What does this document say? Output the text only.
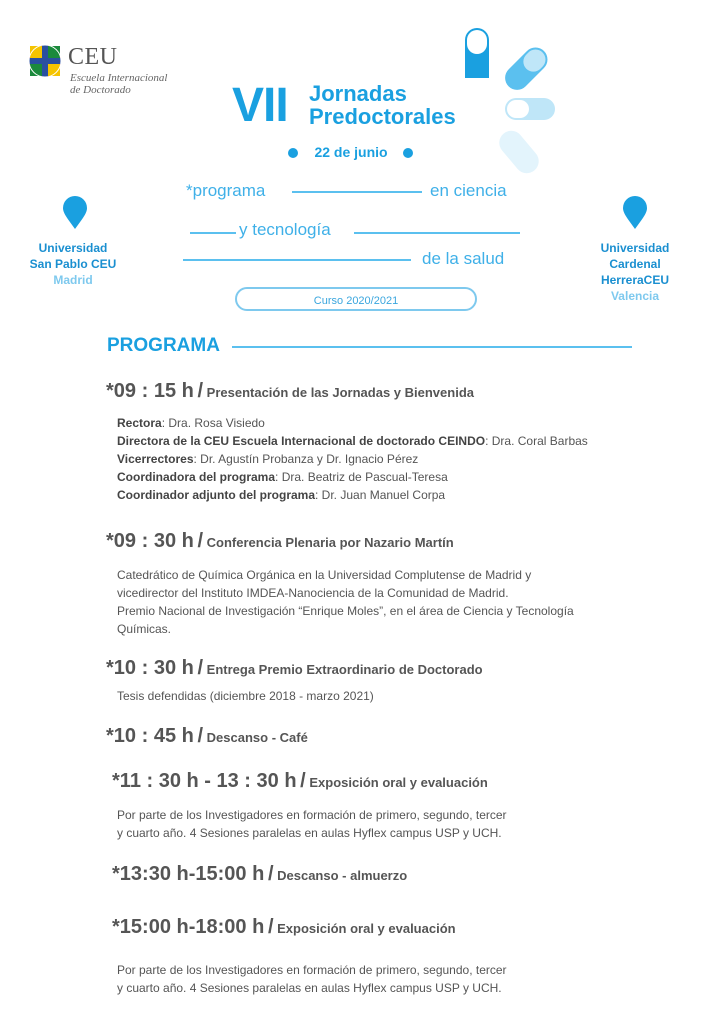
CEU
Escuela Internacional
de Doctorado	VII Jornadas
Predoctorales
22 de junio
*programa	en ciencia
y tecnología
de la salud
Universidad
San Pablo CEU
Madrid
Universidad
Cardenal HerreraCEU
Valencia
Curso 2020/2021
PROGRAMA
*09 : 15 h / Presentación de las Jornadas y Bienvenida
Rectora: Dra. Rosa Visiedo
Directora de la CEU Escuela Internacional de doctorado CEINDO: Dra. Coral Barbas
Vicerrectores: Dr. Agustín Probanza y Dr. Ignacio Pérez
Coordinadora del programa: Dra. Beatriz de Pascual-Teresa
Coordinador adjunto del programa: Dr. Juan Manuel Corpa
*09 : 30 h / Conferencia Plenaria por Nazario Martín
Catedrático de Química Orgánica en la Universidad Complutense de Madrid y
vicedirector del Instituto IMDEA-Nanociencia de la Comunidad de Madrid.
Premio Nacional de Investigación “Enrique Moles”, en el área de Ciencia y Tecnología
Químicas.
*10 : 30 h / Entrega Premio Extraordinario de Doctorado
Tesis defendidas (diciembre 2018 - marzo 2021)
*10 : 45 h / Descanso - Café
*11 : 30 h - 13 : 30 h / Exposición oral y evaluación
Por parte de los Investigadores en formación de primero, segundo, tercer
y cuarto año. 4 Sesiones paralelas en aulas Hyflex campus USP y UCH.
*13:30 h-15:00 h / Descanso - almuerzo
*15:00 h-18:00 h / Exposición oral y evaluación
Por parte de los Investigadores en formación de primero, segundo, tercer
y cuarto año. 4 Sesiones paralelas en aulas Hyflex campus USP y UCH.
